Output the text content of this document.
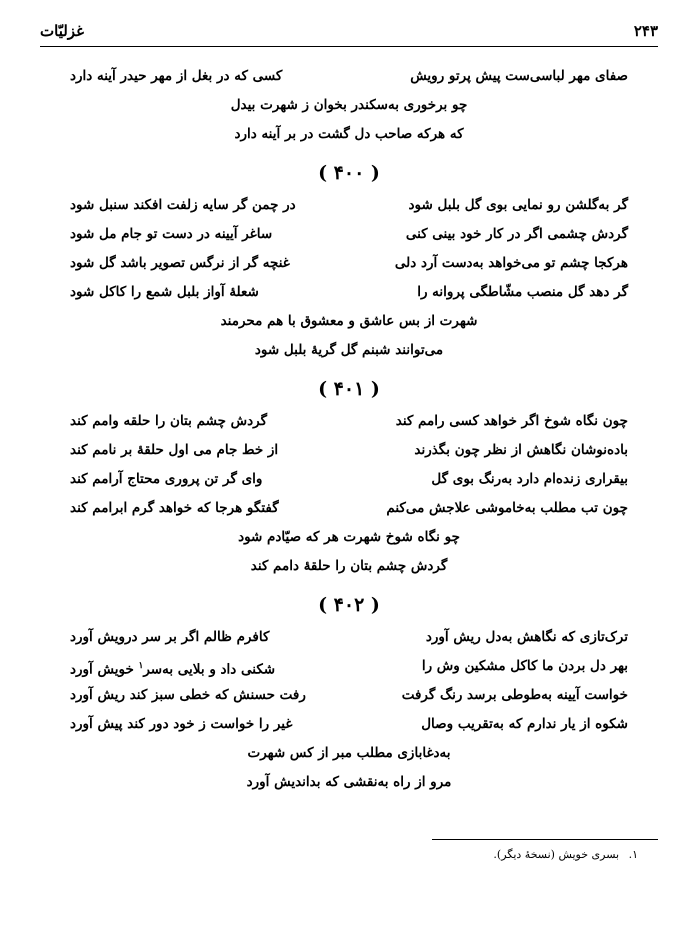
۲۴۳
غزلیّات
صفای مهر لباسی‌ست پیش پرتو رویش
کسی که در بغل از مهر حیدر آینه دارد
چو برخوری به‌سکندر بخوان ز شهرت بیدل
که هرکه صاحب دل گشت در بر آینه دارد
( ۴۰۰ )
گر به‌گلشن رو نمایی بوی گل بلبل شود
در چمن گر سایه زلفت افکند سنبل شود
گردش چشمی اگر در کار خود بینی کنی
ساغر آیینه در دست تو جام مل شود
هرکجا چشم تو می‌خواهد به‌دست آرد دلی
غنچه گر از نرگس تصویر باشد گل شود
گر دهد گل منصب مشّاطگی پروانه را
شعلهٔ آواز بلبل شمع را کاکل شود
شهرت از بس عاشق و معشوق با هم محرمند
می‌توانند شبنم گل گریهٔ بلبل شود
( ۴۰۱ )
چون نگاه شوخ اگر خواهد کسی رامم کند
گردش چشم بتان را حلقه وامم کند
باده‌نوشان نگاهش از نظر چون بگذرند
از خط جام می اول حلقهٔ بر نامم کند
بیقراری زنده‌ام دارد به‌رنگ بوی گل
وای گر تن پروری محتاج آرامم کند
چون تب مطلب به‌خاموشی علاجش می‌کنم
گفتگو هرجا که خواهد گرم ابرامم کند
چو نگاه شوخ شهرت هر که صیّادم شود
گردش چشم بتان را حلقهٔ دامم کند
( ۴۰۲ )
ترک‌تازی که نگاهش به‌دل ریش آورد
کافرم ظالم اگر بر سر درویش آورد
بهر دل بردن ما کاکل مشکین وش را
شکنی داد و بلایی به‌سر$^۱$ خویش آورد
خواست آیینه به‌طوطی برسد رنگ گرفت
رفت حسنش که خطی سبز کند ریش آورد
شکوه از یار ندارم که به‌تقریب وصال
غیر را خواست ز خود دور کند پیش آورد
به‌دغابازی مطلب مبر از کس شهرت
مرو از راه به‌نقشی که بداندیش آورد
۱. بسری خویش (نسخهٔ دیگر).
